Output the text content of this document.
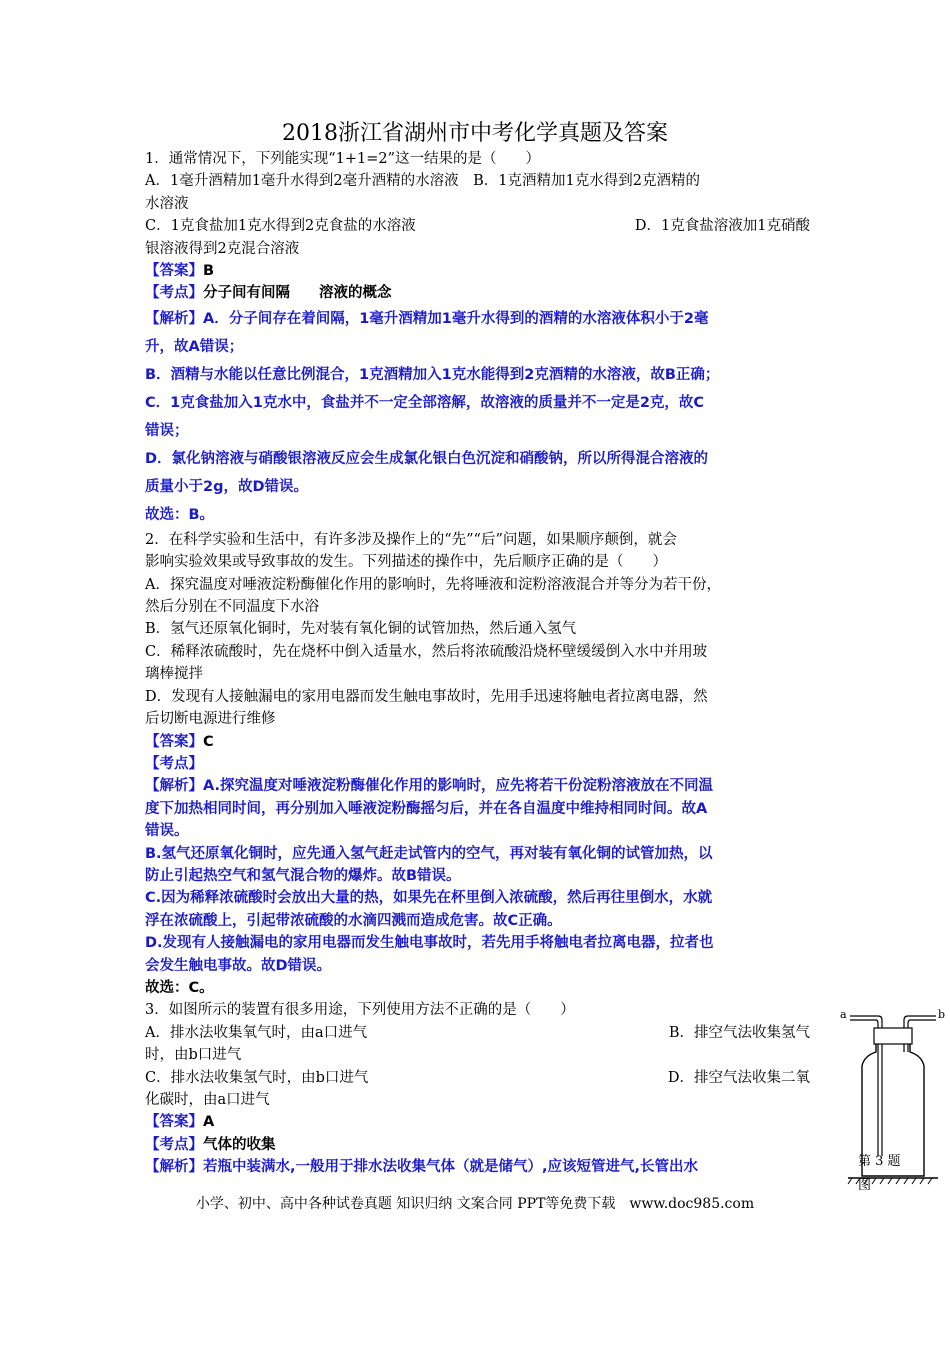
2018浙江省湖州市中考化学真题及答案
1．通常情况下，下列能实现“1+1=2”这一结果的是（　　）
A．1毫升酒精加1毫升水得到2毫升酒精的水溶液　B．1克酒精加1克水得到2克酒精的
水溶液
C．1克食盐加1克水得到2克食盐的水溶液	D．1克食盐溶液加1克硝酸
银溶液得到2克混合溶液
【答案】B
【考点】分子间有间隔　　溶液的概念
【解析】A．分子间存在着间隔，1毫升酒精加1毫升水得到的酒精的水溶液体积小于2毫
升，故A错误；
B．酒精与水能以任意比例混合，1克酒精加入1克水能得到2克酒精的水溶液，故B正确；
C．1克食盐加入1克水中，食盐并不一定全部溶解，故溶液的质量并不一定是2克，故C
错误；
D．氯化钠溶液与硝酸银溶液反应会生成氯化银白色沉淀和硝酸钠，所以所得混合溶液的
质量小于2g，故D错误。
故选：B。
2．在科学实验和生活中，有许多涉及操作上的“先”“后”问题，如果顺序颠倒，就会
影响实验效果或导致事故的发生。下列描述的操作中，先后顺序正确的是（　　）
A．探究温度对唾液淀粉酶催化作用的影响时，先将唾液和淀粉溶液混合并等分为若干份，
然后分别在不同温度下水浴
B．氢气还原氧化铜时，先对装有氧化铜的试管加热，然后通入氢气
C．稀释浓硫酸时，先在烧杯中倒入适量水，然后将浓硫酸沿烧杯壁缓缓倒入水中并用玻
璃棒搅拌
D．发现有人接触漏电的家用电器而发生触电事故时，先用手迅速将触电者拉离电器，然
后切断电源进行维修
【答案】C
【考点】
【解析】A.探究温度对唾液淀粉酶催化作用的影响时，应先将若干份淀粉溶液放在不同温
度下加热相同时间，再分别加入唾液淀粉酶摇匀后，并在各自温度中维持相同时间。故A
错误。
B.氢气还原氧化铜时，应先通入氢气赶走试管内的空气，再对装有氧化铜的试管加热，以
防止引起热空气和氢气混合物的爆炸。故B错误。
C.因为稀释浓硫酸时会放出大量的热，如果先在杯里倒入浓硫酸，然后再往里倒水，水就
浮在浓硫酸上，引起带浓硫酸的水滴四溅而造成危害。故C正确。
D.发现有人接触漏电的家用电器而发生触电事故时，若先用手将触电者拉离电器，拉者也
会发生触电事故。故D错误。
故选：C。
3．如图所示的装置有很多用途，下列使用方法不正确的是（　　）
A．排水法收集氧气时，由a口进气	B．排空气法收集氢气
时，由b口进气
C．排水法收集氢气时，由b口进气	D．排空气法收集二氧
化碳时，由a口进气
【答案】A
【考点】气体的收集
【解析】若瓶中装满水,一般用于排水法收集气体（就是储气）,应该短管进气,长管出水
a	b
第 3 题
图
小学、初中、高中各种试卷真题 知识归纳 文案合同 PPT等免费下载　www.doc985.com
